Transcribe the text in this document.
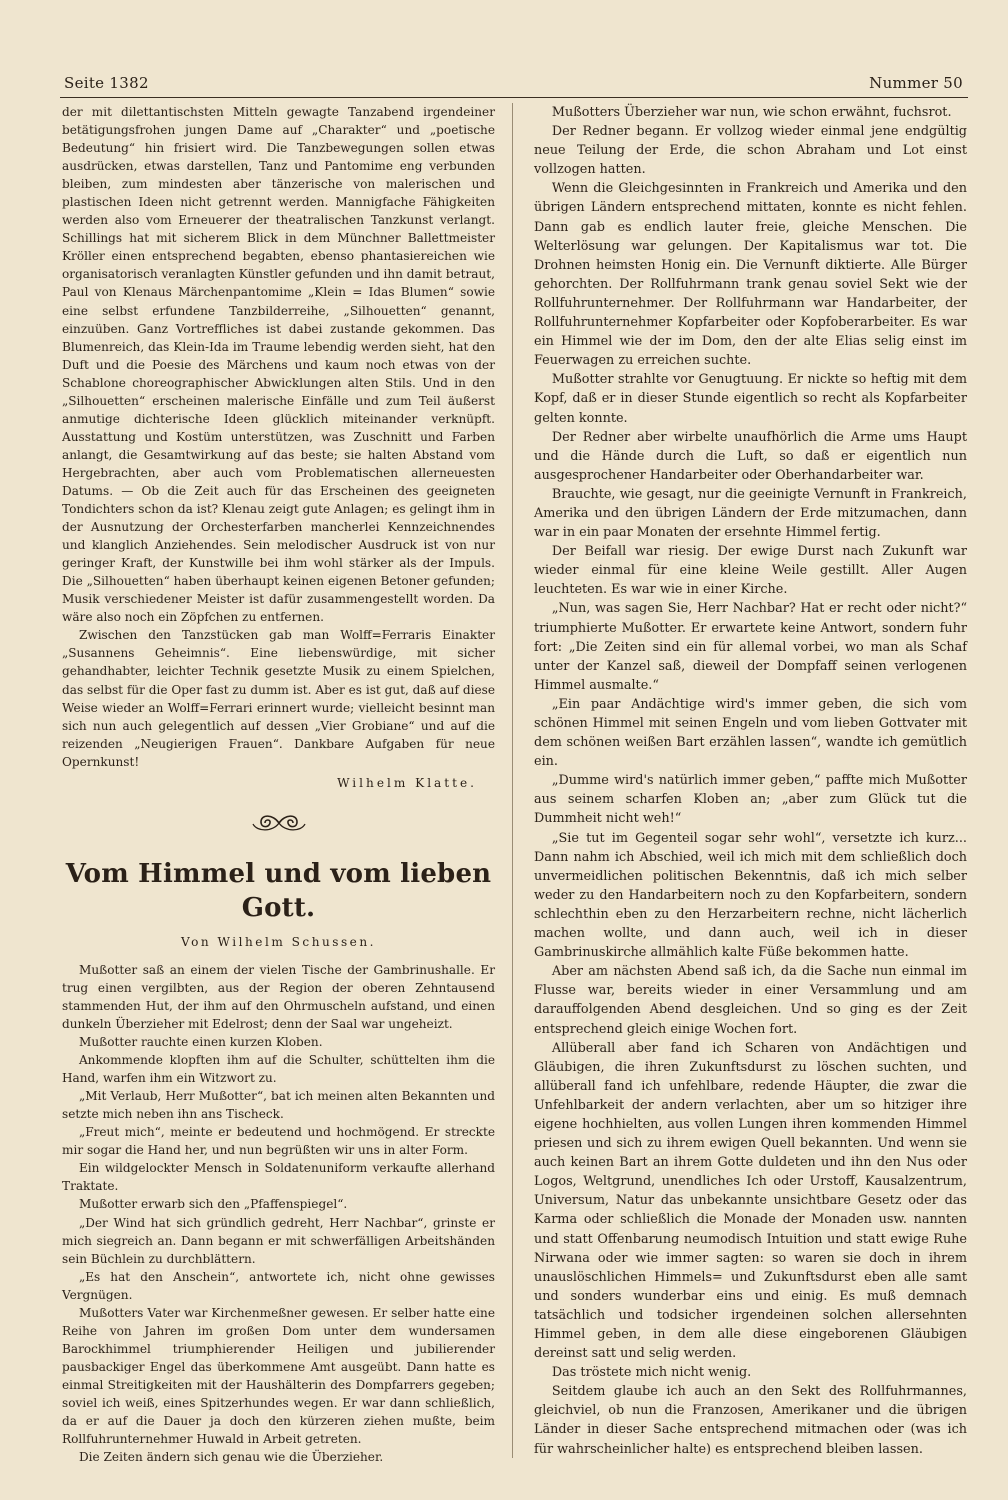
Seite 1382	Nummer 50

der mit dilettantischsten Mitteln gewagte Tanzabend irgendeiner betätigungsfrohen jungen Dame auf „Charakter“ und „poetische Bedeutung“ hin frisiert wird. Die Tanzbewegungen sollen etwas ausdrücken, etwas darstellen, Tanz und Pantomime eng verbunden bleiben, zum mindesten aber tänzerische von malerischen und plastischen Ideen nicht getrennt werden. Mannigfache Fähigkeiten werden also vom Erneuerer der theatralischen Tanzkunst verlangt. Schillings hat mit sicherem Blick in dem Münchner Ballettmeister Kröller einen entsprechend begabten, ebenso phantasiereichen wie organisatorisch veranlagten Künstler gefunden und ihn damit betraut, Paul von Klenaus Märchenpantomime „Klein = Idas Blumen“ sowie eine selbst erfundene Tanzbilderreihe, „Silhouetten“ genannt, einzuüben. Ganz Vortreffliches ist dabei zustande gekommen. Das Blumenreich, das Klein-Ida im Traume lebendig werden sieht, hat den Duft und die Poesie des Märchens und kaum noch etwas von der Schablone choreographischer Abwicklungen alten Stils. Und in den „Silhouetten“ erscheinen malerische Einfälle und zum Teil äußerst anmutige dichterische Ideen glücklich miteinander verknüpft. Ausstattung und Kostüm unterstützen, was Zuschnitt und Farben anlangt, die Gesamtwirkung auf das beste; sie halten Abstand vom Hergebrachten, aber auch vom Problematischen allerneuesten Datums. — Ob die Zeit auch für das Erscheinen des geeigneten Tondichters schon da ist? Klenau zeigt gute Anlagen; es gelingt ihm in der Ausnutzung der Orchesterfarben mancherlei Kennzeichnendes und klanglich Anziehendes. Sein melodischer Ausdruck ist von nur geringer Kraft, der Kunstwille bei ihm wohl stärker als der Impuls. Die „Silhouetten“ haben überhaupt keinen eigenen Betoner gefunden; Musik verschiedener Meister ist dafür zusammengestellt worden. Da wäre also noch ein Zöpfchen zu entfernen.

Zwischen den Tanzstücken gab man Wolff=Ferraris Einakter „Susannens Geheimnis“. Eine liebenswürdige, mit sicher gehandhabter, leichter Technik gesetzte Musik zu einem Spielchen, das selbst für die Oper fast zu dumm ist. Aber es ist gut, daß auf diese Weise wieder an Wolff=Ferrari erinnert wurde; vielleicht besinnt man sich nun auch gelegentlich auf dessen „Vier Grobiane“ und auf die reizenden „Neugierigen Frauen“. Dankbare Aufgaben für neue Opernkunst!

Wilhelm Klatte.
Vom Himmel und vom lieben Gott.
Von Wilhelm Schussen.

Mußotter saß an einem der vielen Tische der Gambrinushalle. Er trug einen vergilbten, aus der Region der oberen Zehntausend stammenden Hut, der ihm auf den Ohrmuscheln aufstand, und einen dunkeln Überzieher mit Edelrost; denn der Saal war ungeheizt.

Mußotter rauchte einen kurzen Kloben.

Ankommende klopften ihm auf die Schulter, schüttelten ihm die Hand, warfen ihm ein Witzwort zu.

„Mit Verlaub, Herr Mußotter“, bat ich meinen alten Bekannten und setzte mich neben ihn ans Tischeck.

„Freut mich“, meinte er bedeutend und hochmögend. Er streckte mir sogar die Hand her, und nun begrüßten wir uns in alter Form.

Ein wildgelockter Mensch in Soldatenuniform verkaufte allerhand Traktate.

Mußotter erwarb sich den „Pfaffenspiegel“.

„Der Wind hat sich gründlich gedreht, Herr Nachbar“, grinste er mich siegreich an. Dann begann er mit schwerfälligen Arbeitshänden sein Büchlein zu durchblättern.

„Es hat den Anschein“, antwortete ich, nicht ohne gewisses Vergnügen.

Mußotters Vater war Kirchenmeßner gewesen. Er selber hatte eine Reihe von Jahren im großen Dom unter dem wundersamen Barockhimmel triumphierender Heiligen und jubilierender pausbackiger Engel das überkommene Amt ausgeübt. Dann hatte es einmal Streitigkeiten mit der Haushälterin des Dompfarrers gegeben; soviel ich weiß, eines Spitzerhundes wegen. Er war dann schließlich, da er auf die Dauer ja doch den kürzeren ziehen mußte, beim Rollfuhrunternehmer Huwald in Arbeit getreten.

Die Zeiten ändern sich genau wie die Überzieher.

Mußotters Überzieher war nun, wie schon erwähnt, fuchsrot.

Der Redner begann. Er vollzog wieder einmal jene endgültig neue Teilung der Erde, die schon Abraham und Lot einst vollzogen hatten.

Wenn die Gleichgesinnten in Frankreich und Amerika und den übrigen Ländern entsprechend mittaten, konnte es nicht fehlen. Dann gab es endlich lauter freie, gleiche Menschen. Die Welterlösung war gelungen. Der Kapitalismus war tot. Die Drohnen heimsten Honig ein. Die Vernunft diktierte. Alle Bürger gehorchten. Der Rollfuhrmann trank genau soviel Sekt wie der Rollfuhrunternehmer. Der Rollfuhrmann war Handarbeiter, der Rollfuhrunternehmer Kopfarbeiter oder Kopfoberarbeiter. Es war ein Himmel wie der im Dom, den der alte Elias selig einst im Feuerwagen zu erreichen suchte.

Mußotter strahlte vor Genugtuung. Er nickte so heftig mit dem Kopf, daß er in dieser Stunde eigentlich so recht als Kopfarbeiter gelten konnte.

Der Redner aber wirbelte unaufhörlich die Arme ums Haupt und die Hände durch die Luft, so daß er eigentlich nun ausgesprochener Handarbeiter oder Oberhandarbeiter war.

Brauchte, wie gesagt, nur die geeinigte Vernunft in Frankreich, Amerika und den übrigen Ländern der Erde mitzumachen, dann war in ein paar Monaten der ersehnte Himmel fertig.

Der Beifall war riesig. Der ewige Durst nach Zukunft war wieder einmal für eine kleine Weile gestillt. Aller Augen leuchteten. Es war wie in einer Kirche.

„Nun, was sagen Sie, Herr Nachbar? Hat er recht oder nicht?“ triumphierte Mußotter. Er erwartete keine Antwort, sondern fuhr fort: „Die Zeiten sind ein für allemal vorbei, wo man als Schaf unter der Kanzel saß, dieweil der Dompfaff seinen verlogenen Himmel ausmalte.“

„Ein paar Andächtige wird's immer geben, die sich vom schönen Himmel mit seinen Engeln und vom lieben Gottvater mit dem schönen weißen Bart erzählen lassen“, wandte ich gemütlich ein.

„Dumme wird's natürlich immer geben,“ paffte mich Mußotter aus seinem scharfen Kloben an; „aber zum Glück tut die Dummheit nicht weh!“

„Sie tut im Gegenteil sogar sehr wohl“, versetzte ich kurz... Dann nahm ich Abschied, weil ich mich mit dem schließlich doch unvermeidlichen politischen Bekenntnis, daß ich mich selber weder zu den Handarbeitern noch zu den Kopfarbeitern, sondern schlechthin eben zu den Herzarbeitern rechne, nicht lächerlich machen wollte, und dann auch, weil ich in dieser Gambrinuskirche allmählich kalte Füße bekommen hatte.

Aber am nächsten Abend saß ich, da die Sache nun einmal im Flusse war, bereits wieder in einer Versammlung und am darauffolgenden Abend desgleichen. Und so ging es der Zeit entsprechend gleich einige Wochen fort.

Allüberall aber fand ich Scharen von Andächtigen und Gläubigen, die ihren Zukunftsdurst zu löschen suchten, und allüberall fand ich unfehlbare, redende Häupter, die zwar die Unfehlbarkeit der andern verlachten, aber um so hitziger ihre eigene hochhielten, aus vollen Lungen ihren kommenden Himmel priesen und sich zu ihrem ewigen Quell bekannten. Und wenn sie auch keinen Bart an ihrem Gotte duldeten und ihn den Nus oder Logos, Weltgrund, unendliches Ich oder Urstoff, Kausalzentrum, Universum, Natur das unbekannte unsichtbare Gesetz oder das Karma oder schließlich die Monade der Monaden usw. nannten und statt Offenbarung neumodisch Intuition und statt ewige Ruhe Nirwana oder wie immer sagten: so waren sie doch in ihrem unauslöschlichen Himmels= und Zukunftsdurst eben alle samt und sonders wunderbar eins und einig. Es muß demnach tatsächlich und todsicher irgendeinen solchen allersehnten Himmel geben, in dem alle diese eingeborenen Gläubigen dereinst satt und selig werden.

Das tröstete mich nicht wenig.

Seitdem glaube ich auch an den Sekt des Rollfuhrmannes, gleichviel, ob nun die Franzosen, Amerikaner und die übrigen Länder in dieser Sache entsprechend mitmachen oder (was ich für wahrscheinlicher halte) es entsprechend bleiben lassen.
